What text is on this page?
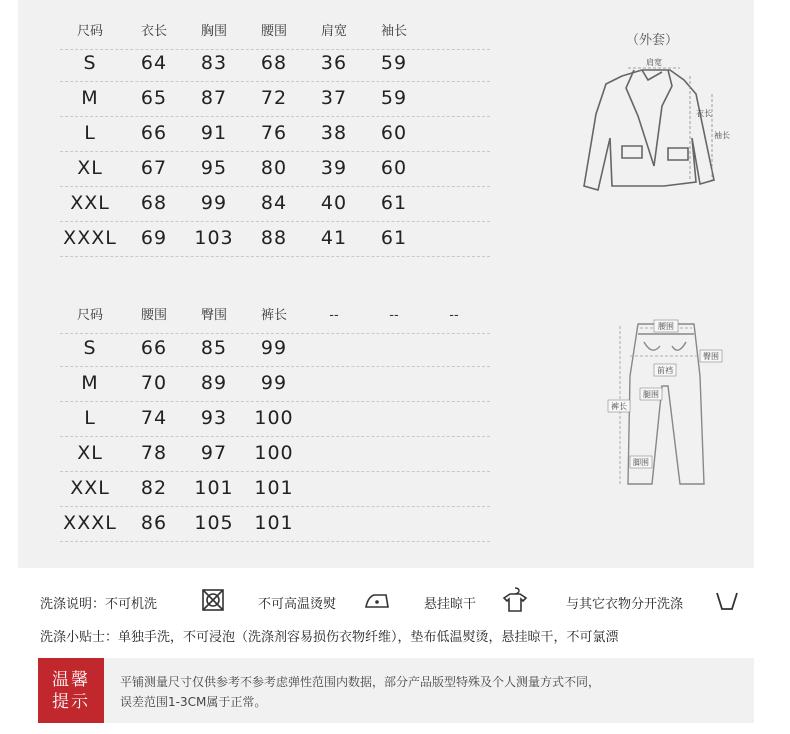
尺码	衣长	胸围	腰围	肩宽	袖长
S	64	83	68	36	59
M	65	87	72	37	59
L	66	91	76	38	60
XL	67	95	80	39	60
XXL	68	99	84	40	61
XXXL	69	103	88	41	61
（外套）
肩宽
衣长
袖长
尺码	腰围	臀围	裤长	--	--	--
S	66	85	99
M	70	89	99
L	74	93	100
XL	78	97	100
XXL	82	101	101
XXXL	86	105	101
腰围
臀围
前裆
腿围
裤长
脚围
洗涤说明：不可机洗	不可高温烫熨	悬挂晾干	与其它衣物分开洗涤
洗涤小贴士：单独手洗，不可浸泡（洗涤剂容易损伤衣物纤维），垫布低温熨烫，悬挂晾干，不可氯漂
温馨
提示
平铺测量尺寸仅供参考不参考虑弹性范围内数据，部分产品版型特殊及个人测量方式不同，
误差范围1-3CM属于正常。
